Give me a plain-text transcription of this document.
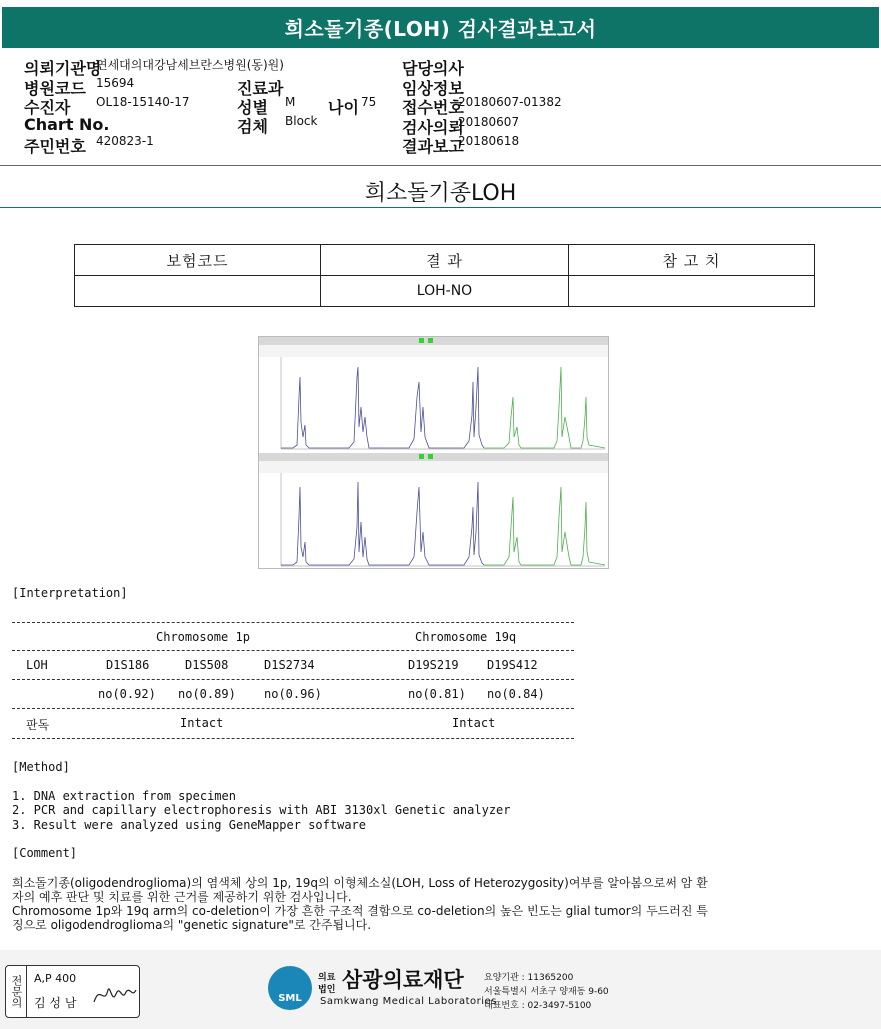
희소돌기종(LOH) 검사결과보고서
의뢰기관명
연세대의대강남세브란스병원(동)원)
병원코드 15694	진료과
수진자 OL18-15140-17	성별 M 나이 75
Chart No.	검체 Block
주민번호 420823-1
담당의사
임상정보
접수번호
20180607-01382
검사의뢰
20180607
결과보고
20180618
희소돌기종LOH
보험코드	결 과	참 고 치
	LOH-NO	
[Interpretation]
Chromosome 1p	Chromosome 19q
LOH	D1S186	D1S508	D1S2734	D19S219 D19S412
no(0.92) no(0.89) no(0.96)	no(0.81) no(0.84)
판독	Intact	Intact
[Method]
1. DNA extraction from specimen
2. PCR and capillary electrophoresis with ABI 3130xl Genetic analyzer
3. Result were analyzed using GeneMapper software
[Comment]
희소돌기종(oligodendroglioma)의 염색체 상의 1p, 19q의 이형체소실(LOH, Loss of Heterozygosity)여부를 알아봄으로써 암 환
자의 예후 판단 및 치료를 위한 근거를 제공하기 위한 검사입니다.
Chromosome 1p와 19q arm의 co-deletion이 가장 흔한 구조적 결함으로 co-deletion의 높은 빈도는 glial tumor의 두드러진 특
징으로 oligodendroglioma의 "genetic signature"로 간주됩니다.
전문의	A,P 400
김 성 남	SML
의료
법인 삼광의료재단
Samkwang Medical Laboratories
요양기관 : 11365200
서울특별시 서초구 양재동 9-60
대표번호 : 02-3497-5100
